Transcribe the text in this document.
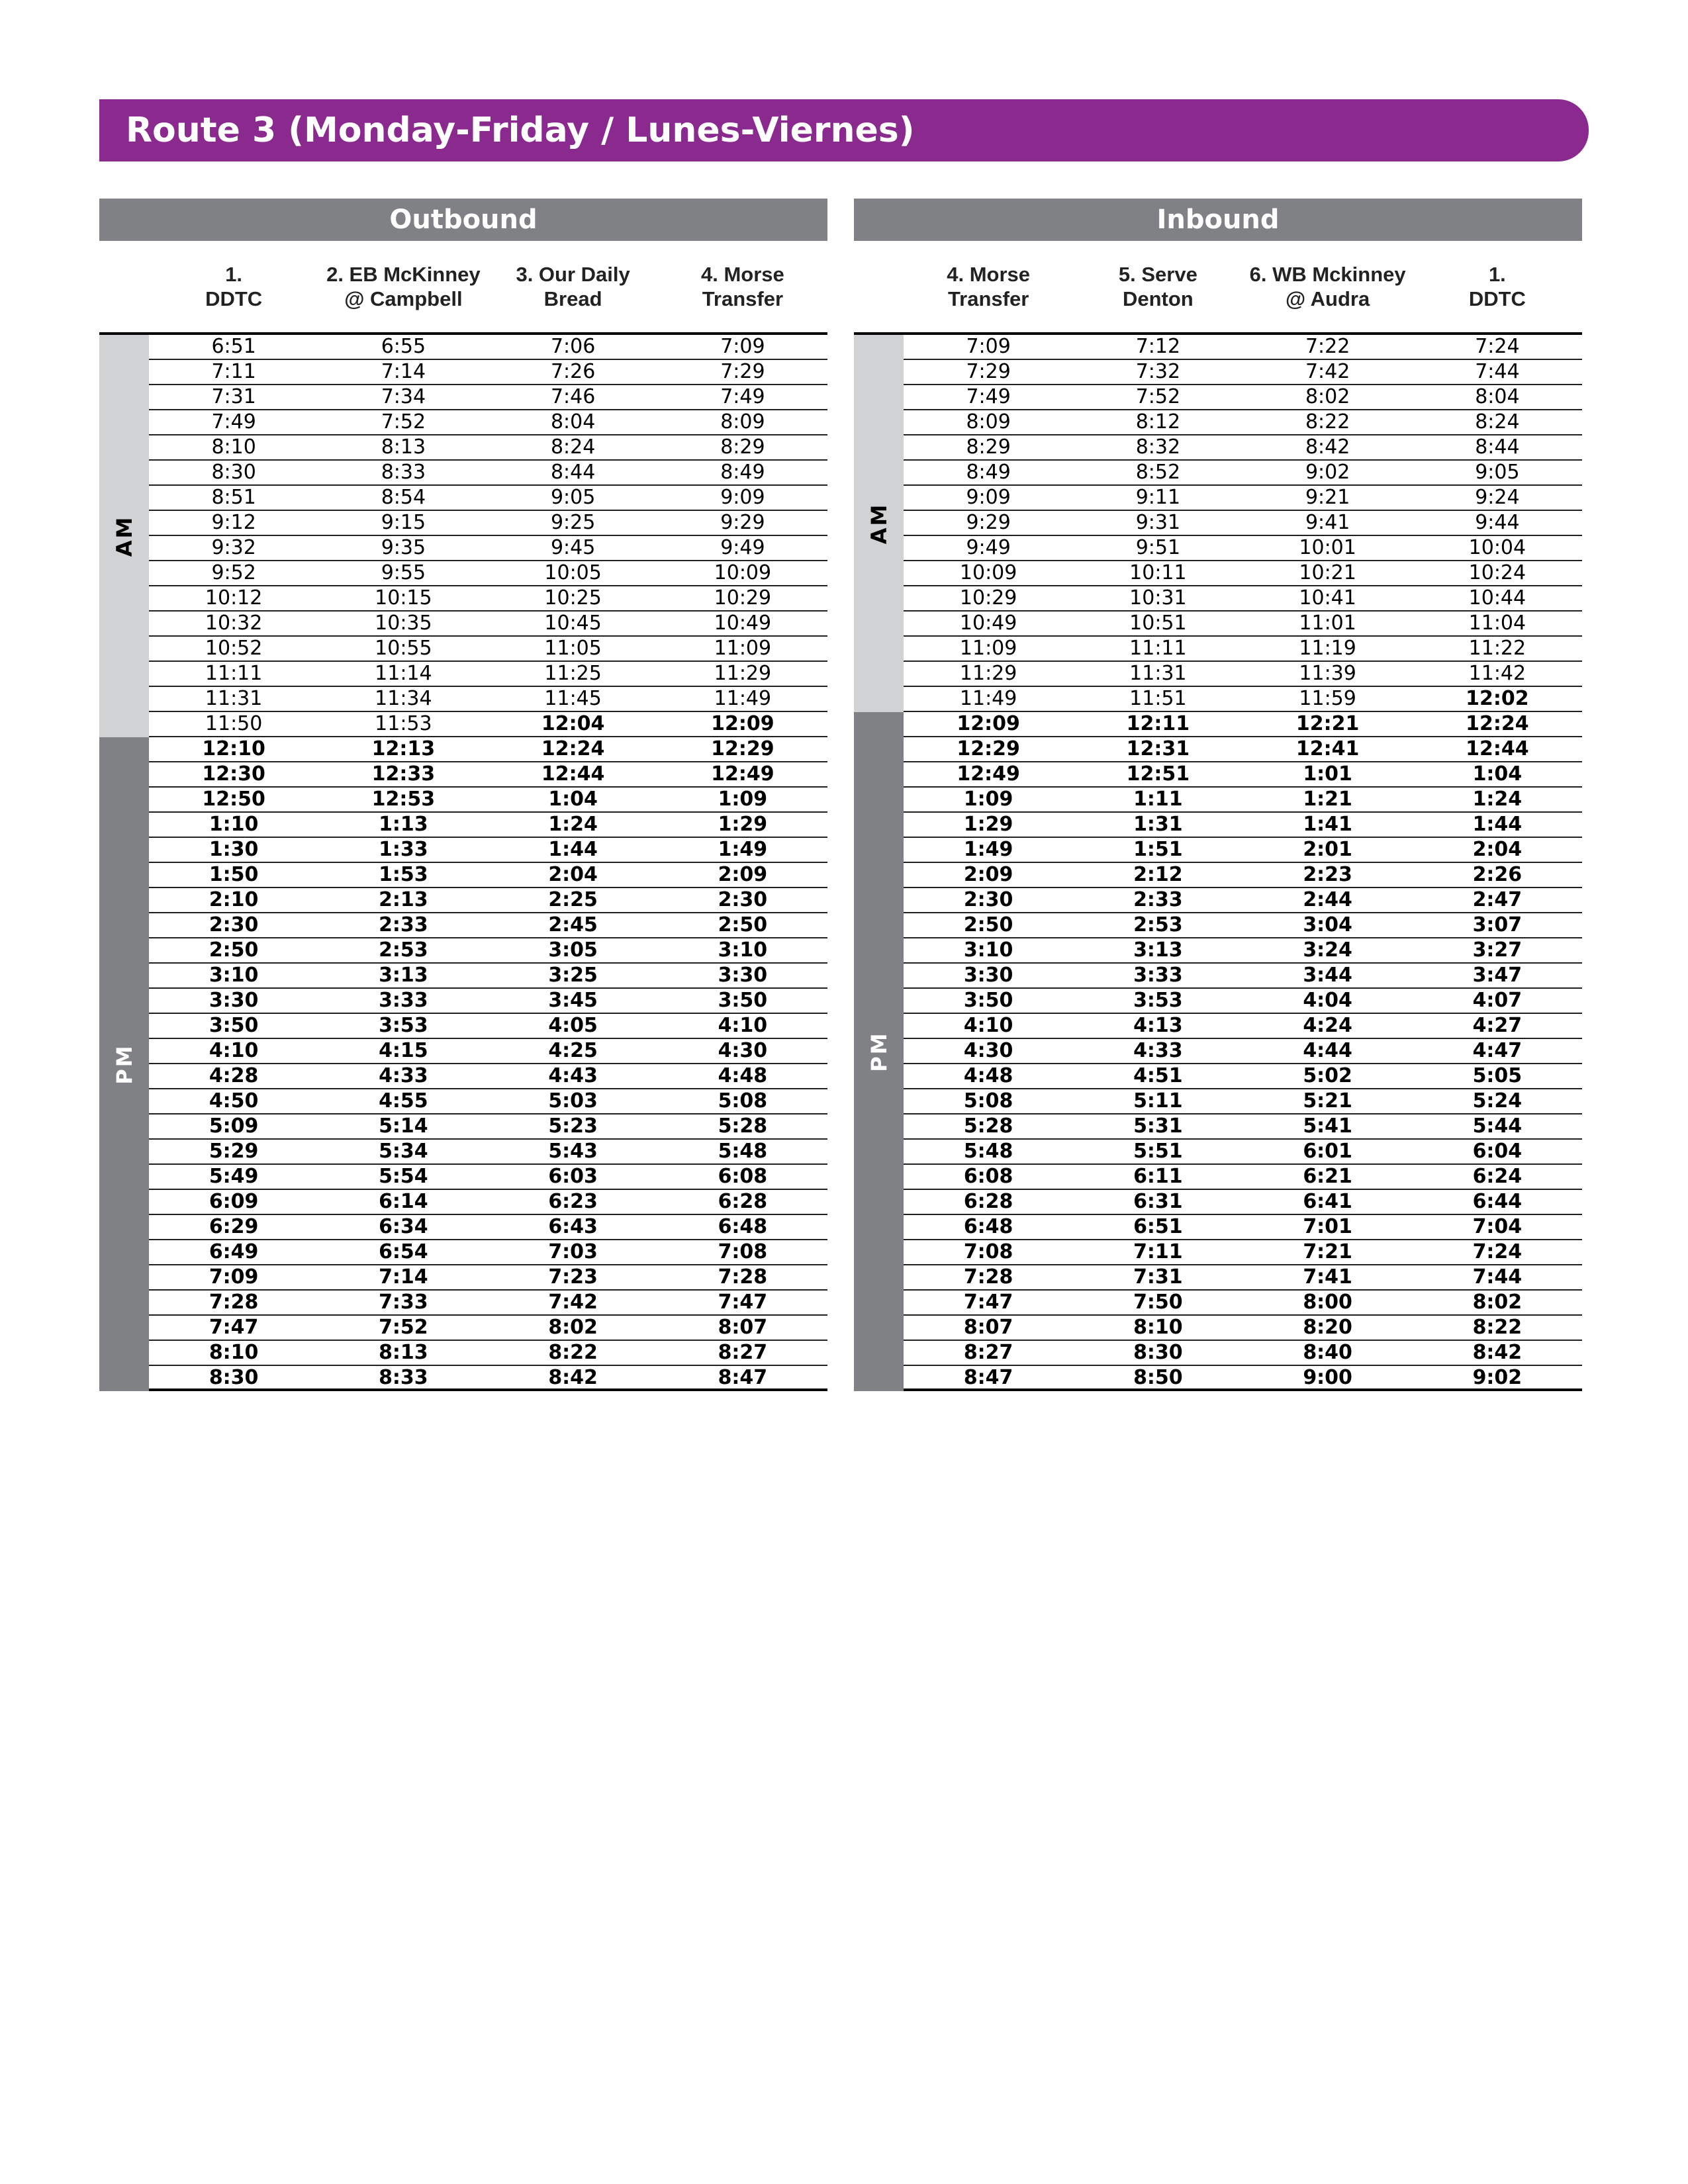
Route 3 (Monday-Friday / Lunes-Viernes)
Outbound
1.
DDTC
2. EB McKinney
@ Campbell
3. Our Daily
Bread
4. Morse
Transfer
AM
PM
6:51	6:55	7:06	7:09
7:11	7:14	7:26	7:29
7:31	7:34	7:46	7:49
7:49	7:52	8:04	8:09
8:10	8:13	8:24	8:29
8:30	8:33	8:44	8:49
8:51	8:54	9:05	9:09
9:12	9:15	9:25	9:29
9:32	9:35	9:45	9:49
9:52	9:55	10:05	10:09
10:12	10:15	10:25	10:29
10:32	10:35	10:45	10:49
10:52	10:55	11:05	11:09
11:11	11:14	11:25	11:29
11:31	11:34	11:45	11:49
11:50	11:53	12:04	12:09
12:10	12:13	12:24	12:29
12:30	12:33	12:44	12:49
12:50	12:53	1:04	1:09
1:10	1:13	1:24	1:29
1:30	1:33	1:44	1:49
1:50	1:53	2:04	2:09
2:10	2:13	2:25	2:30
2:30	2:33	2:45	2:50
2:50	2:53	3:05	3:10
3:10	3:13	3:25	3:30
3:30	3:33	3:45	3:50
3:50	3:53	4:05	4:10
4:10	4:15	4:25	4:30
4:28	4:33	4:43	4:48
4:50	4:55	5:03	5:08
5:09	5:14	5:23	5:28
5:29	5:34	5:43	5:48
5:49	5:54	6:03	6:08
6:09	6:14	6:23	6:28
6:29	6:34	6:43	6:48
6:49	6:54	7:03	7:08
7:09	7:14	7:23	7:28
7:28	7:33	7:42	7:47
7:47	7:52	8:02	8:07
8:10	8:13	8:22	8:27
8:30	8:33	8:42	8:47
Inbound
4. Morse
Transfer
5. Serve
Denton
6. WB Mckinney
@ Audra
1.
DDTC
AM
PM
7:09	7:12	7:22	7:24
7:29	7:32	7:42	7:44
7:49	7:52	8:02	8:04
8:09	8:12	8:22	8:24
8:29	8:32	8:42	8:44
8:49	8:52	9:02	9:05
9:09	9:11	9:21	9:24
9:29	9:31	9:41	9:44
9:49	9:51	10:01	10:04
10:09	10:11	10:21	10:24
10:29	10:31	10:41	10:44
10:49	10:51	11:01	11:04
11:09	11:11	11:19	11:22
11:29	11:31	11:39	11:42
11:49	11:51	11:59	12:02
12:09	12:11	12:21	12:24
12:29	12:31	12:41	12:44
12:49	12:51	1:01	1:04
1:09	1:11	1:21	1:24
1:29	1:31	1:41	1:44
1:49	1:51	2:01	2:04
2:09	2:12	2:23	2:26
2:30	2:33	2:44	2:47
2:50	2:53	3:04	3:07
3:10	3:13	3:24	3:27
3:30	3:33	3:44	3:47
3:50	3:53	4:04	4:07
4:10	4:13	4:24	4:27
4:30	4:33	4:44	4:47
4:48	4:51	5:02	5:05
5:08	5:11	5:21	5:24
5:28	5:31	5:41	5:44
5:48	5:51	6:01	6:04
6:08	6:11	6:21	6:24
6:28	6:31	6:41	6:44
6:48	6:51	7:01	7:04
7:08	7:11	7:21	7:24
7:28	7:31	7:41	7:44
7:47	7:50	8:00	8:02
8:07	8:10	8:20	8:22
8:27	8:30	8:40	8:42
8:47	8:50	9:00	9:02
